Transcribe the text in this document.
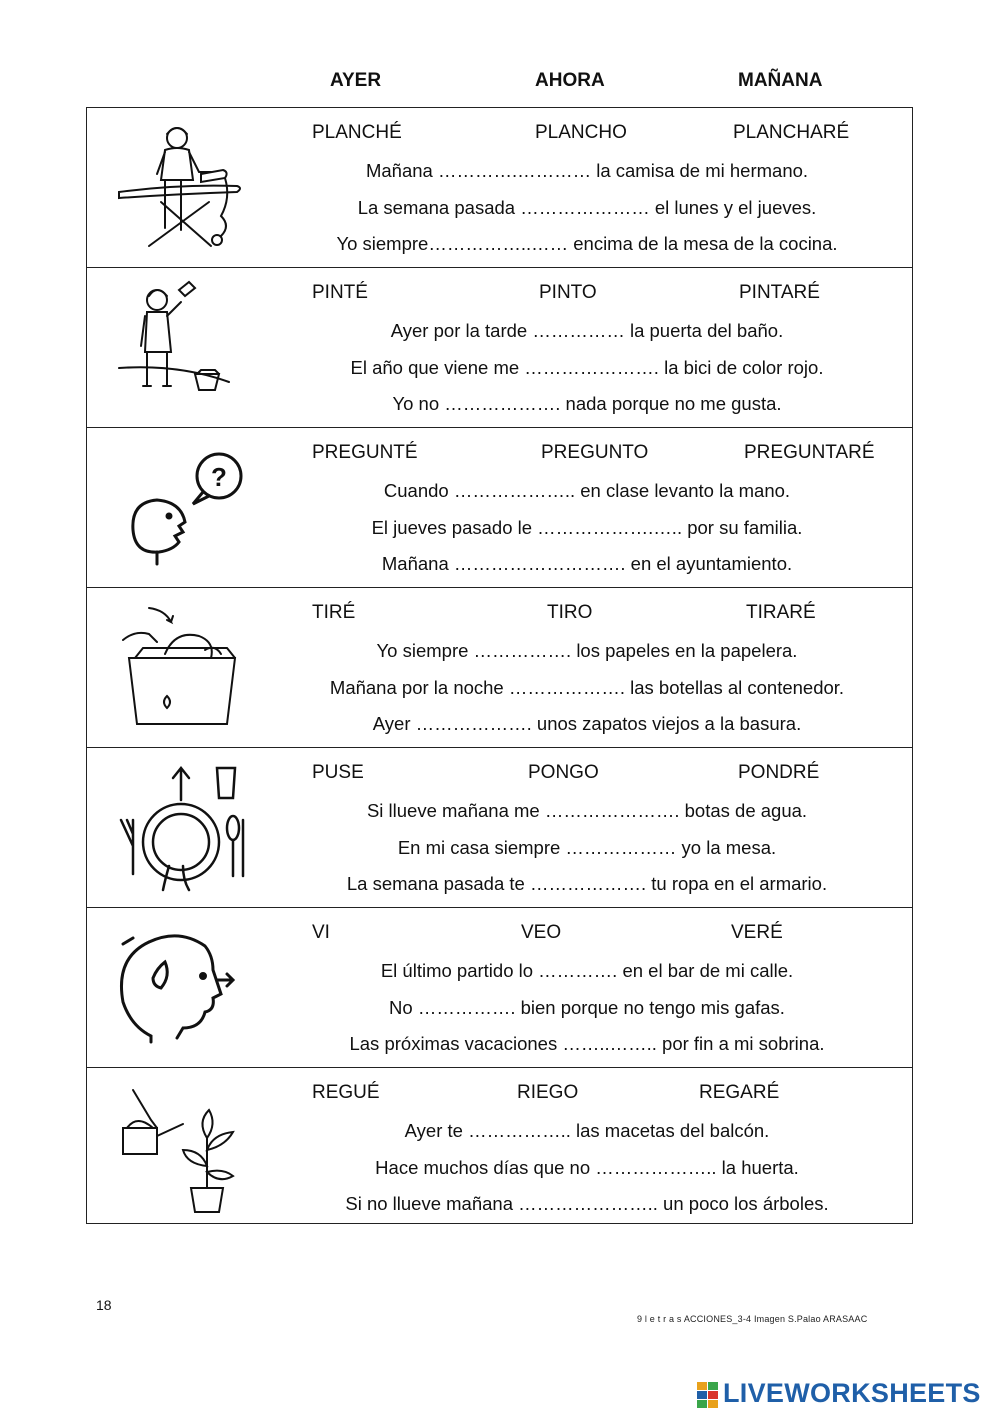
AYER	AHORA	MAÑANA
PLANCHÉ	PLANCHO	PLANCHARÉ
Mañana ………….………… la camisa de mi hermano.
La semana pasada ………………… el lunes y el jueves.
Yo siempre……………..…… encima de la mesa de la cocina.
PINTÉ	PINTO	PINTARÉ
Ayer por la tarde …………… la puerta del baño.
El año que viene me …………………. la bici de color rojo.
Yo no ………………. nada porque no me gusta.
?
PREGUNTÉ	PREGUNTO	PREGUNTARÉ
Cuando ……………….. en clase levanto la mano.
El jueves pasado le ……………….….. por su familia.
Mañana ………………………. en el ayuntamiento.
TIRÉ	TIRO	TIRARÉ
Yo siempre ……………. los papeles en la papelera.
Mañana por la noche ………………. las botellas al contenedor.
Ayer ………………. unos zapatos viejos a la basura.
PUSE	PONGO	PONDRÉ
Si llueve mañana me …………………. botas de agua.
En mi casa siempre ……………… yo la mesa.
La semana pasada te ………………. tu ropa en el armario.
VI	VEO	VERÉ
El último partido lo …………. en el bar de mi calle.
No ……………. bien porque no tengo mis gafas.
Las próximas vacaciones ……..…….. por fin a mi sobrina.
REGUÉ	RIEGO	REGARÉ
Ayer te …………….. las macetas del balcón.
Hace muchos días que no ……………….. la huerta.
Si no llueve mañana ………………….. un poco los árboles.
18
9 l e t r a s ACCIONES_3-4 Imagen S.Palao ARASAAC
LIVEWORKSHEETS
